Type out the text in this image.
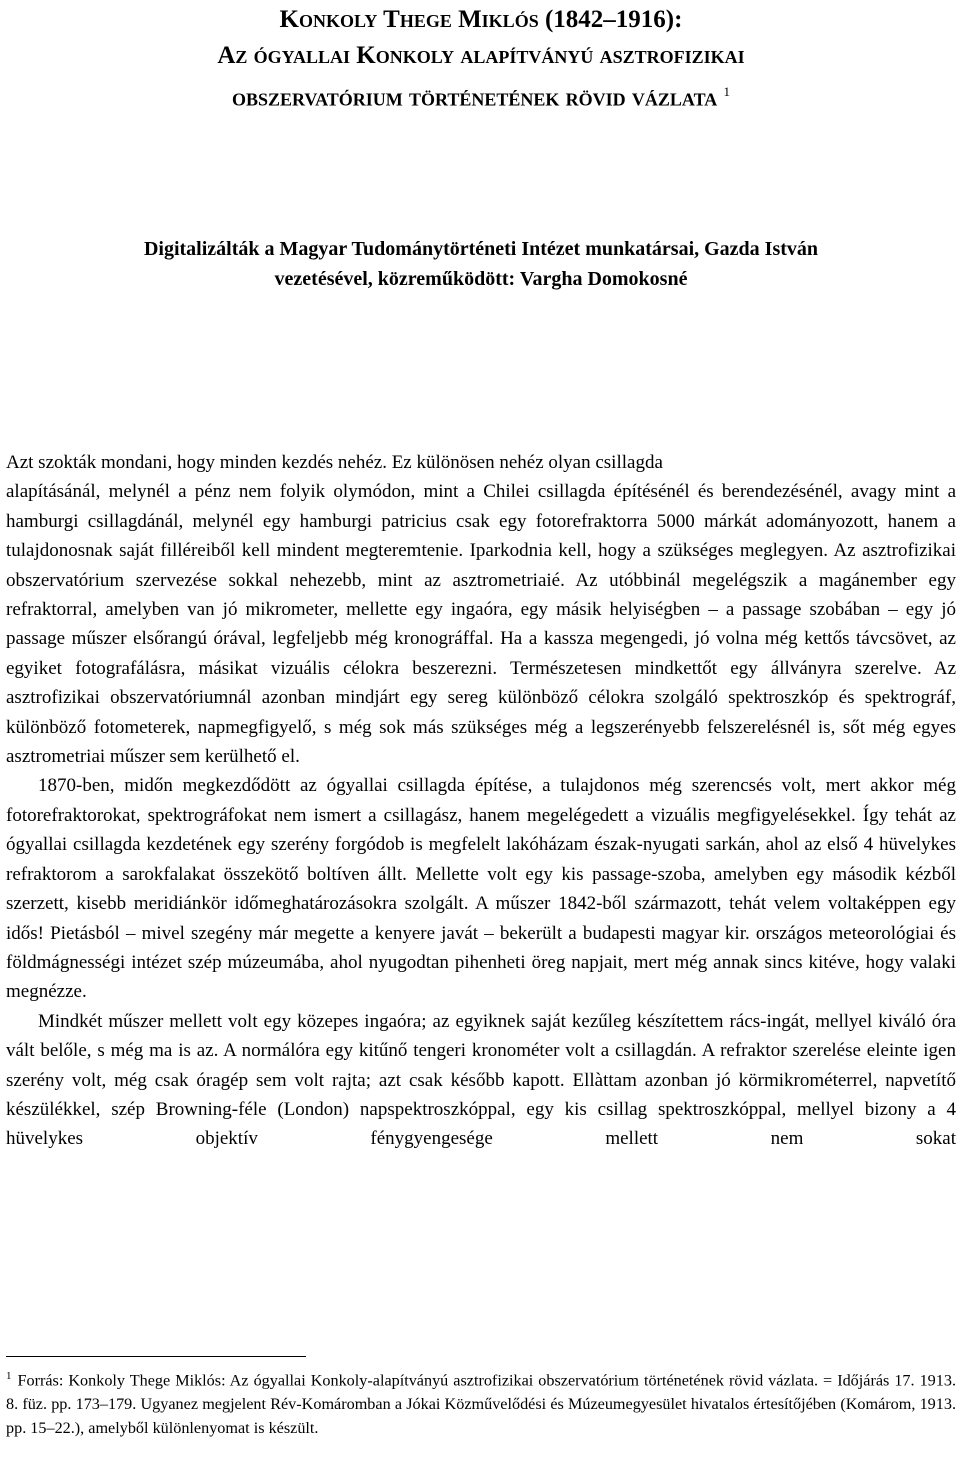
Konkoly Thege Miklós (1842–1916):
Az ógyallai Konkoly alapítványú asztrofizikai
obszervatórium történetének rövid vázlata $^1$
Digitalizálták a Magyar Tudománytörténeti Intézet munkatársai, Gazda István
vezetésével, közreműködött: Vargha Domokosné

Azt szokták mondani, hogy minden kezdés nehéz. Ez különösen nehéz olyan csillagda

alapításánál, melynél a pénz nem folyik olymódon, mint a Chilei csillagda építésénél és berendezésénél, avagy mint a hamburgi csillagdánál, melynél egy hamburgi patricius csak egy fotorefraktorra 5000 márkát adományozott, hanem a tulajdonosnak saját filléreiből kell mindent megteremtenie. Iparkodnia kell, hogy a szükséges meglegyen. Az asztrofizikai obszervatórium szervezése sokkal nehezebb, mint az asztrometriaié. Az utóbbinál megelégszik a magánember egy refraktorral, amelyben van jó mikrometer, mellette egy ingaóra, egy másik helyiségben – a passage szobában – egy jó passage műszer elsőrangú órával, legfeljebb még kronográffal. Ha a kassza megengedi, jó volna még kettős távcsövet, az egyiket fotografálásra, másikat vizuális célokra beszerezni. Természetesen mindkettőt egy állványra szerelve. Az asztrofizikai obszervatóriumnál azonban mindjárt egy sereg különböző célokra szolgáló spektroszkóp és spektrográf, különböző fotometerek, napmegfigyelő, s még sok más szükséges még a legszerényebb felszerelésnél is, sőt még egyes asztrometriai műszer sem kerülhető el.

1870-ben, midőn megkezdődött az ógyallai csillagda építése, a tulajdonos még szerencsés volt, mert akkor még fotorefraktorokat, spektrográfokat nem ismert a csillagász, hanem megelégedett a vizuális megfigyelésekkel. Így tehát az ógyallai csillagda kezdetének egy szerény forgódob is megfelelt lakóházam észak-nyugati sarkán, ahol az első 4 hüvelykes refraktorom a sarokfalakat összekötő boltíven állt. Mellette volt egy kis passage-szoba, amelyben egy második kézből szerzett, kisebb meridiánkör időmeghatározásokra szolgált. A műszer 1842-ből származott, tehát velem voltaképpen egy idős! Pietásból – mivel szegény már megette a kenyere javát – bekerült a budapesti magyar kir. országos meteorológiai és földmágnességi intézet szép múzeumába, ahol nyugodtan pihenheti öreg napjait, mert még annak sincs kitéve, hogy valaki megnézze.

Mindkét műszer mellett volt egy közepes ingaóra; az egyiknek saját kezűleg készítettem rács-ingát, mellyel kiváló óra vált belőle, s még ma is az. A normálóra egy kitűnő tengeri kronométer volt a csillagdán. A refraktor szerelése eleinte igen szerény volt, még csak óragép sem volt rajta; azt csak később kapott. Ellàttam azonban jó körmikrométerrel, napvetítő készülékkel, szép Browning-féle (London) napspektroszkóppal, egy kis csillag spektroszkóppal, mellyel bizony a 4 hüvelykes objektív fénygyengesége mellett nem sokat

$^1$ Forrás: Konkoly Thege Miklós: Az ógyallai Konkoly-alapítványú asztrofizikai obszervatórium történetének rövid vázlata. = Időjárás 17. 1913. 8. füz. pp. 173–179. Ugyanez megjelent Rév-Komáromban a Jókai Közművelődési és Múzeumegyesület hivatalos értesítőjében (Komárom, 1913. pp. 15–22.), amelyből különlenyomat is készült.
